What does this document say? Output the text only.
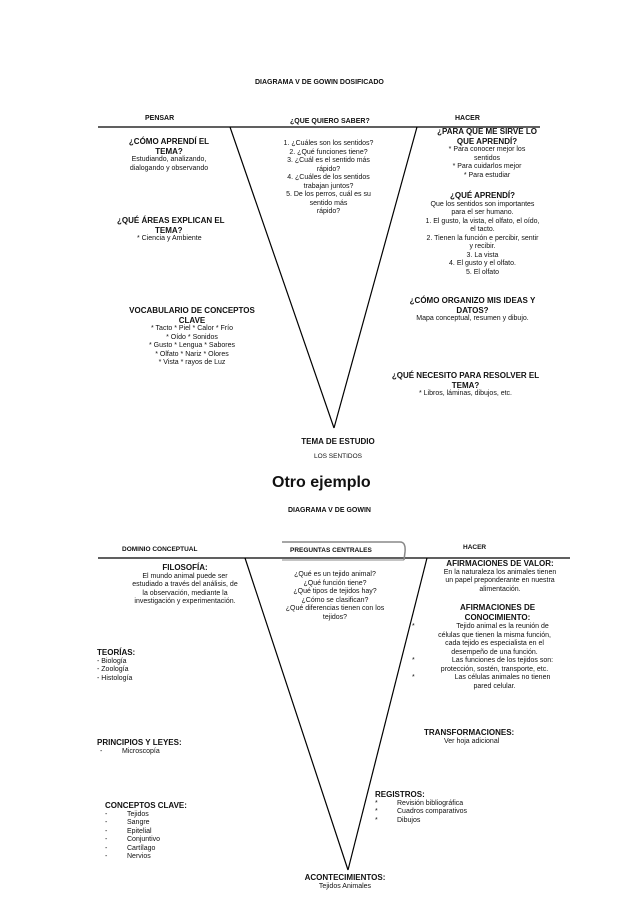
DIAGRAMA V DE GOWIN DOSIFICADO
PENSAR	¿QUE QUIERO SABER?	HACER
¿CÓMO APRENDÍ EL
TEMA?
Estudiando, analizando,
dialogando y observando
¿QUÉ ÁREAS EXPLICAN EL
TEMA?
* Ciencia y Ambiente
VOCABULARIO DE CONCEPTOS
CLAVE
* Tacto * Piel * Calor * Frío
* Oído * Sonidos
* Gusto * Lengua * Sabores
* Olfato * Nariz * Olores
* Vista * rayos de Luz
1. ¿Cuáles son los sentidos?
2. ¿Qué funciones tiene?
3. ¿Cuál es el sentido más
rápido?
4. ¿Cuáles de los sentidos
trabajan juntos?
5. De los perros, cuál es su
sentido más
rápido?
¿PARA QUE ME SIRVE LO
QUE APRENDÍ?
* Para conocer mejor los
sentidos
* Para cuidarlos mejor
* Para estudiar
¿QUÉ APRENDÍ?
Que los sentidos son importantes
para el ser humano.
1. El gusto, la vista, el olfato, el oído,
el tacto.
2. Tienen la función e percibir, sentir
y recibir.
3. La vista
4. El gusto y el olfato.
5. El olfato
¿CÓMO ORGANIZO MIS IDEAS Y
DATOS?
Mapa conceptual, resumen y dibujo.
¿QUÉ NECESITO PARA RESOLVER EL
TEMA?
* Libros, láminas, dibujos, etc.
TEMA DE ESTUDIO
LOS SENTIDOS
Otro ejemplo
DIAGRAMA V DE GOWIN
DOMINIO CONCEPTUAL	PREGUNTAS CENTRALES	HACER
FILOSOFÍA:
El mundo animal puede ser
estudiado a través del análisis, de
la observación, mediante la
investigación y experimentación.
¿Qué es un tejido animal?
¿Qué función tiene?
¿Qué tipos de tejidos hay?
¿Cómo se clasifican?
¿Qué diferencias tienen con los
tejidos?
AFIRMACIONES DE VALOR:
En la naturaleza los animales tienen
un papel preponderante en nuestra
alimentación.
AFIRMACIONES DE
CONOCIMIENTO:
*	Tejido animal es la reunión de
células que tienen la misma función,
cada tejido es especialista en el
desempeño de una función.
*	Las funciones de los tejidos son:
protección, sostén, transporte, etc.
*	Las células animales no tienen
pared celular.
TEORÍAS:
- Biología
- Zoología
- Histología
PRINCIPIOS Y LEYES:
-	Microscopía
TRANSFORMACIONES:
Ver hoja adicional
CONCEPTOS CLAVE:
-	Tejidos
-	Sangre
-	Epitelial
-	Conjuntivo
-	Cartílago
-	Nervios
REGISTROS:
*	Revisión bibliográfica
*	Cuadros comparativos
*	Dibujos
ACONTECIMIENTOS:
Tejidos Animales
